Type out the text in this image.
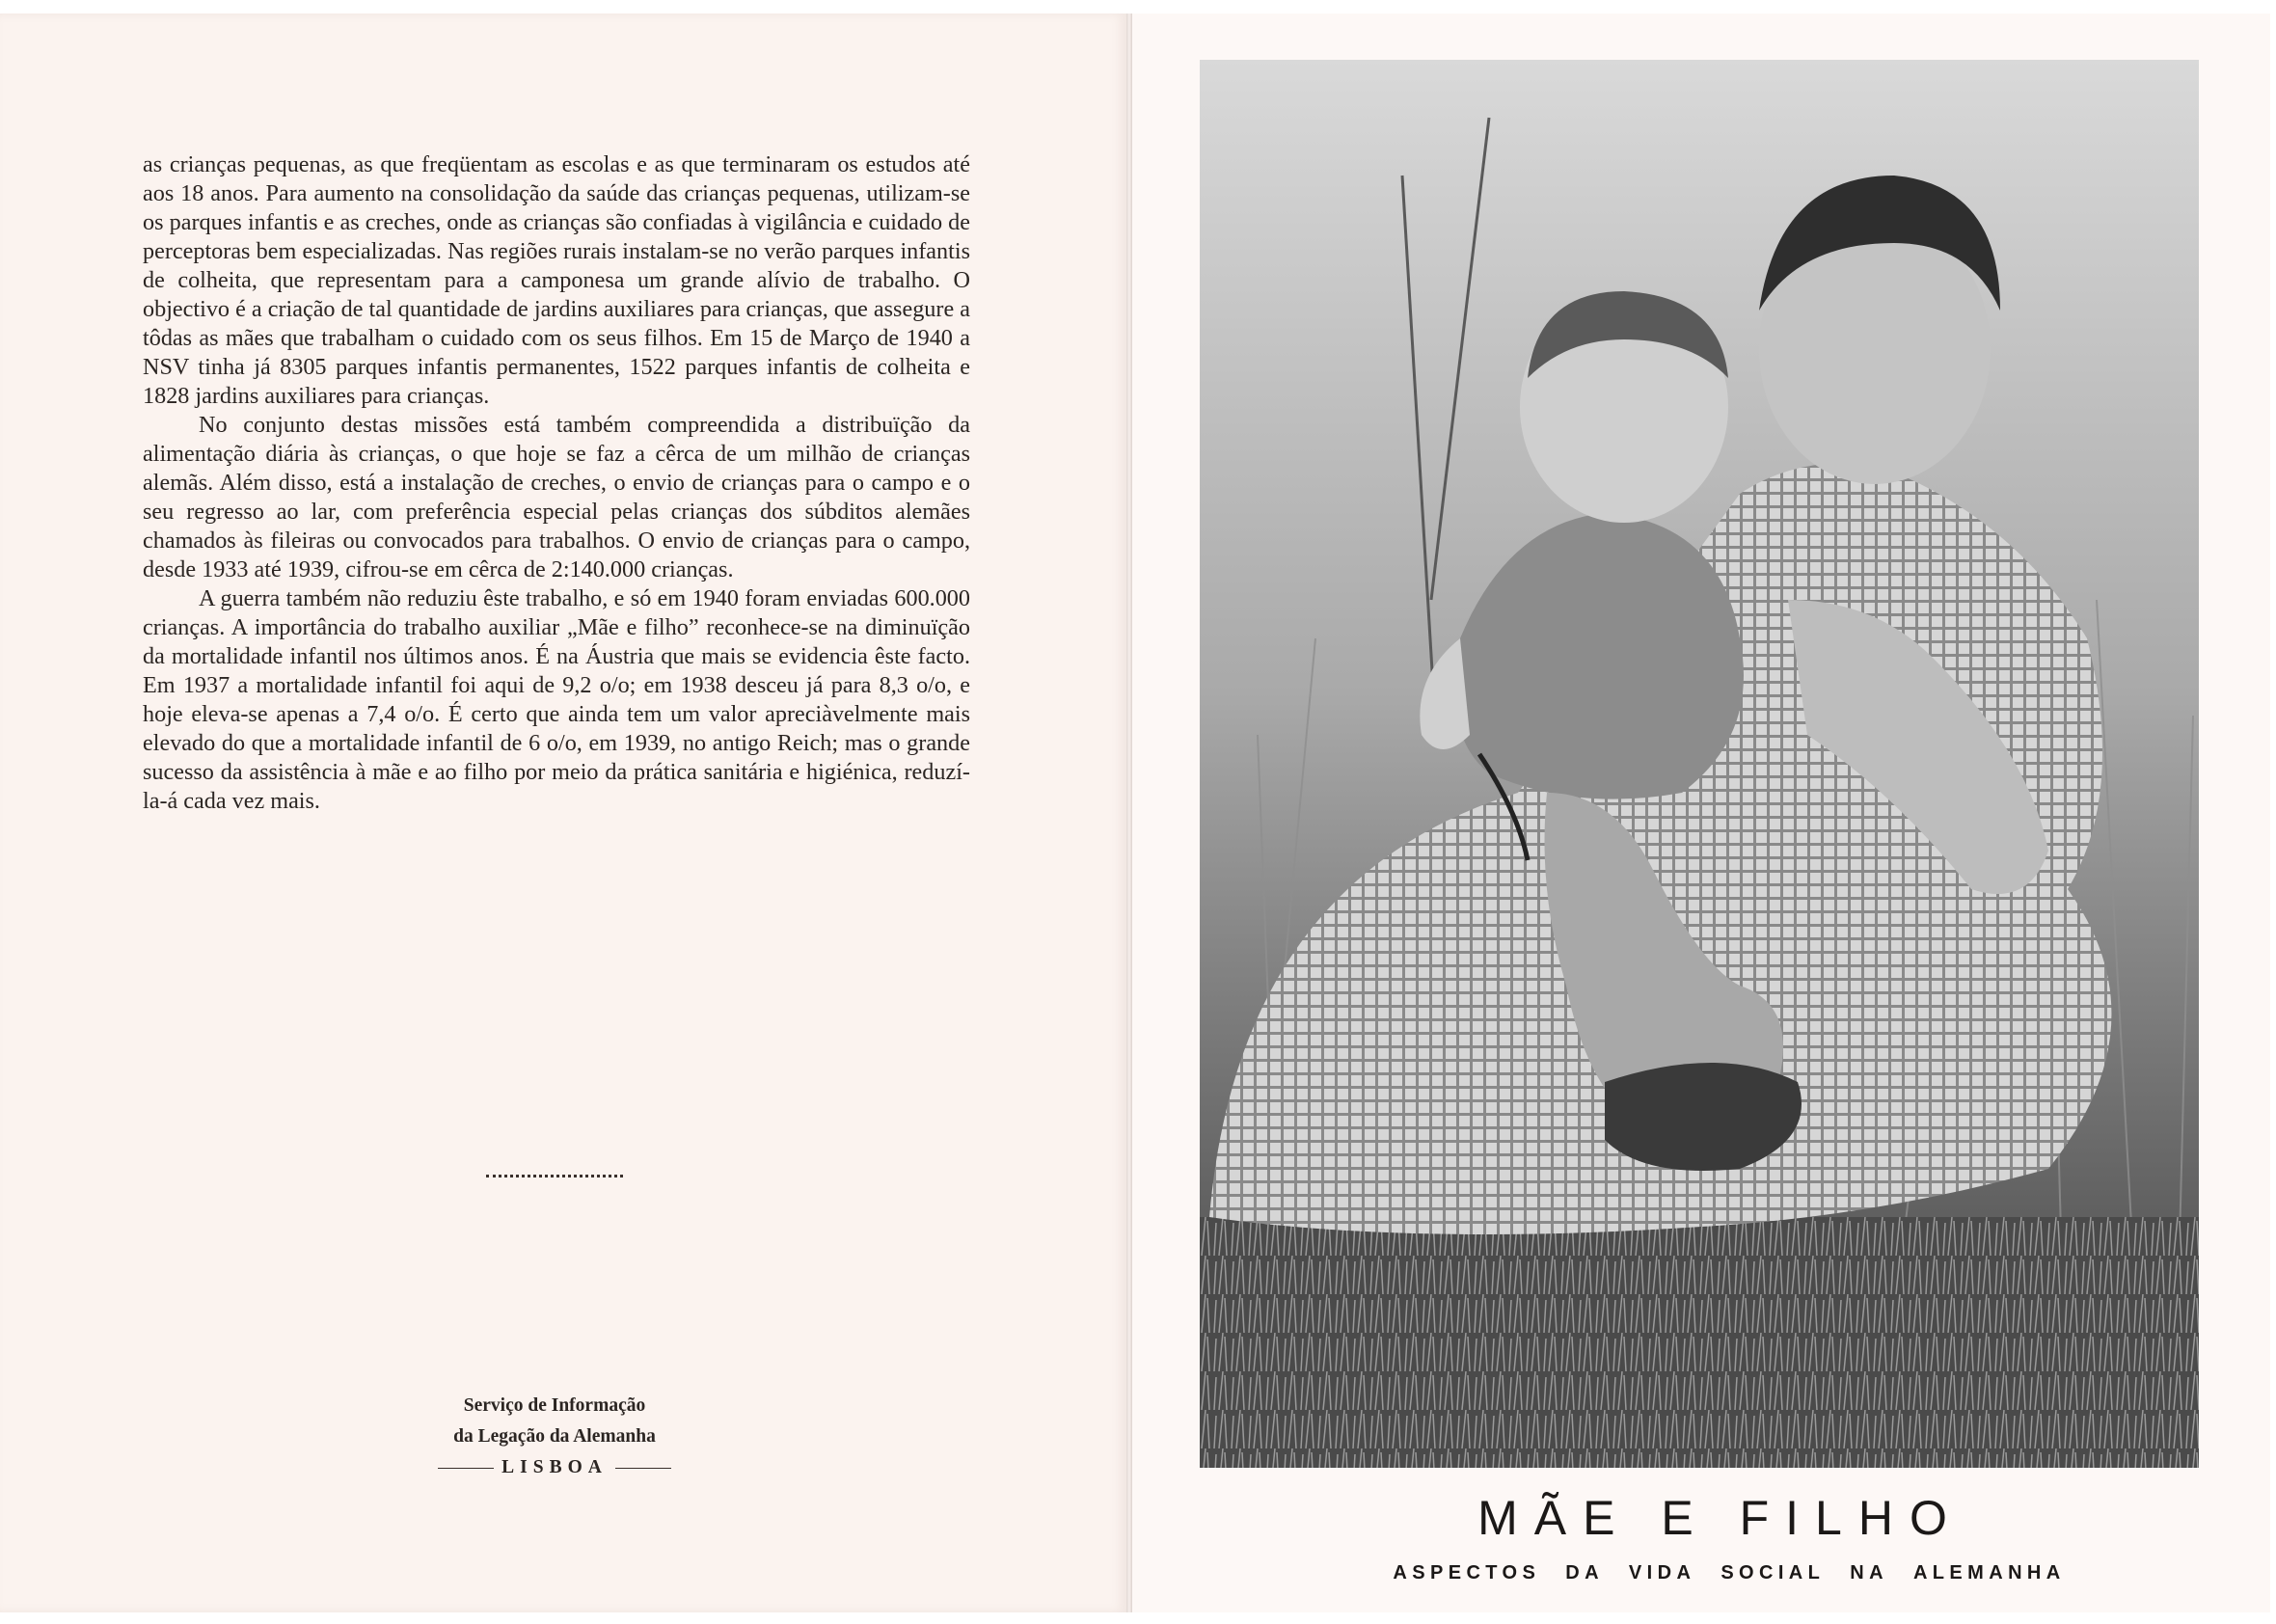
as crianças pequenas, as que freqüentam as escolas e as que terminaram os estudos até aos 18 anos. Para aumento na consolidação da saúde das crianças pequenas, utilizam-se os parques infantis e as creches, onde as crianças são confiadas à vigilância e cuidado de perceptoras bem especializadas. Nas regiões rurais instalam-se no verão parques infantis de colheita, que representam para a camponesa um grande alívio de trabalho. O objectivo é a criação de tal quantidade de jardins auxiliares para crianças, que assegure a tôdas as mães que trabalham o cuidado com os seus filhos. Em 15 de Março de 1940 a NSV tinha já 8305 parques infantis permanentes, 1522 parques infantis de colheita e 1828 jardins auxiliares para crianças.

No conjunto destas missões está também compreendida a distribuïção da alimentação diária às crianças, o que hoje se faz a cêrca de um milhão de crianças alemãs. Além disso, está a instalação de creches, o envio de crianças para o campo e o seu regresso ao lar, com preferência especial pelas crianças dos súbditos alemães chamados às fileiras ou convocados para trabalhos. O envio de crianças para o campo, desde 1933 até 1939, cifrou-se em cêrca de 2:140.000 crianças.

A guerra também não reduziu êste trabalho, e só em 1940 foram enviadas 600.000 crianças. A importância do trabalho auxiliar „Mãe e filho” reconhece-se na diminuïção da mortalidade infantil nos últimos anos. É na Áustria que mais se evidencia êste facto. Em 1937 a mortalidade infantil foi aqui de 9,2 o/o; em 1938 desceu já para 8,3 o/o, e hoje eleva-se apenas a 7,4 o/o. É certo que ainda tem um valor apreciàvelmente mais elevado do que a mortalidade infantil de 6 o/o, em 1939, no antigo Reich; mas o grande sucesso da assistência à mãe e ao filho por meio da prática sanitária e higiénica, reduzí-la-á cada vez mais.

Serviço de Informação
da Legação da Alemanha
LISBOA
MÃE E FILHO
ASPECTOS DA VIDA SOCIAL NA ALEMANHA
